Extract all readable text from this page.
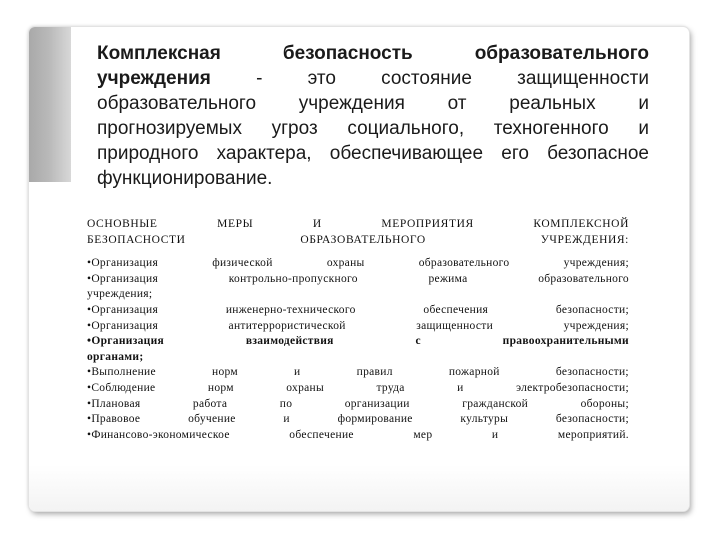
Комплексная	безопасность	образовательного
учреждения - это состояние защищенности
образовательного учреждения от реальных и
прогнозируемых угроз социального, техногенного и
природного характера, обеспечивающее его безопасное
функционирование.
ОСНОВНЫЕ	МЕРЫ	И	МЕРОПРИЯТИЯ	КОМПЛЕКСНОЙ
БЕЗОПАСНОСТИ	ОБРАЗОВАТЕЛЬНОГО	УЧРЕЖДЕНИЯ:
•Организация	физической	охраны	образовательного	учреждения;
•Организация	контрольно-пропускного	режима	образовательного
учреждения;
•Организация	инженерно-технического	обеспечения	безопасности;
•Организация	антитеррористической	защищенности	учреждения;
•Организация	взаимодействия	с	правоохранительными
органами;
•Выполнение	норм	и	правил	пожарной	безопасности;
•Соблюдение	норм	охраны	труда	и	электробезопасности;
•Плановая	работа	по	организации	гражданской	обороны;
•Правовое	обучение	и	формирование	культуры	безопасности;
•Финансово-экономическое	обеспечение	мер	и	мероприятий.
